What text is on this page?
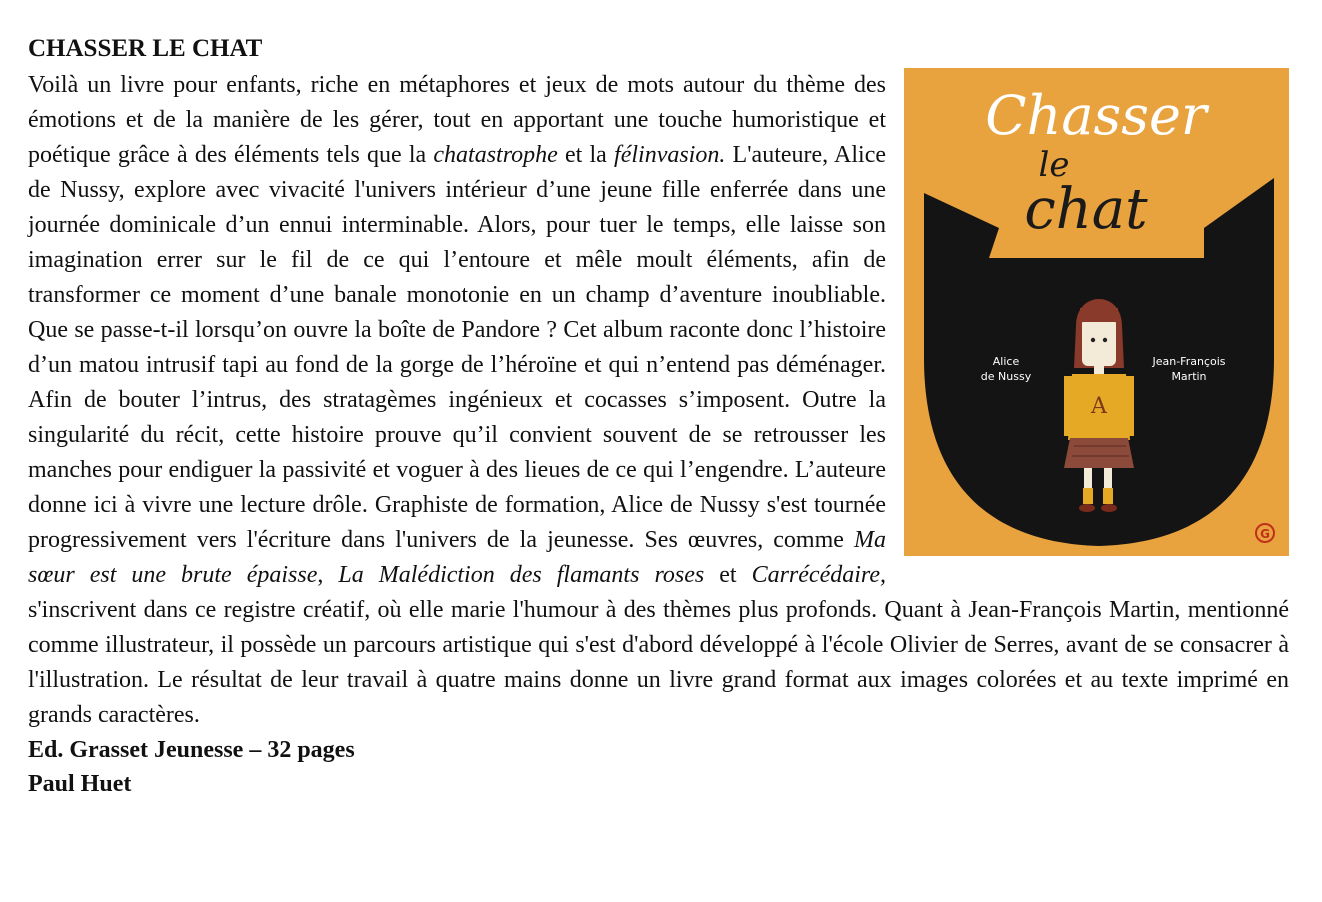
CHASSER LE CHAT
Chasser
le
chat
Alice
de Nussy
Jean-François
Martin
A
G

Voilà un livre pour enfants, riche en métaphores et jeux de mots autour du thème des émotions et de la manière de les gérer, tout en apportant une touche humoristique et poétique grâce à des éléments tels que la chatastrophe et la félinvasion. L'auteure, Alice de Nussy, explore avec vivacité l'univers intérieur d’une jeune fille enferrée dans une journée dominicale d’un ennui interminable. Alors, pour tuer le temps, elle laisse son imagination errer sur le fil de ce qui l’entoure et mêle moult éléments, afin de transformer ce moment d’une banale monotonie en un champ d’aventure inoubliable. Que se passe-t-il lorsqu’on ouvre la boîte de Pandore ? Cet album raconte donc l’histoire d’un matou intrusif tapi au fond de la gorge de l’héroïne et qui n’entend pas déménager. Afin de bouter l’intrus, des stratagèmes ingénieux et cocasses s’imposent. Outre la singularité du récit, cette histoire prouve qu’il convient souvent de se retrousser les manches pour endiguer la passivité et voguer à des lieues de ce qui l’engendre. L’auteure donne ici à vivre une lecture drôle. Graphiste de formation, Alice de Nussy s'est tournée progressivement vers l'écriture dans l'univers de la jeunesse. Ses œuvres, comme Ma sœur est une brute épaisse, La Malédiction des flamants roses et Carrécédaire, s'inscrivent dans ce registre créatif, où elle marie l'humour à des thèmes plus profonds. Quant à Jean-François Martin, mentionné comme illustrateur, il possède un parcours artistique qui s'est d'abord développé à l'école Olivier de Serres, avant de se consacrer à l'illustration. Le résultat de leur travail à quatre mains donne un livre grand format aux images colorées et au texte imprimé en grands caractères.

Ed. Grasset Jeunesse – 32 pages

Paul Huet
